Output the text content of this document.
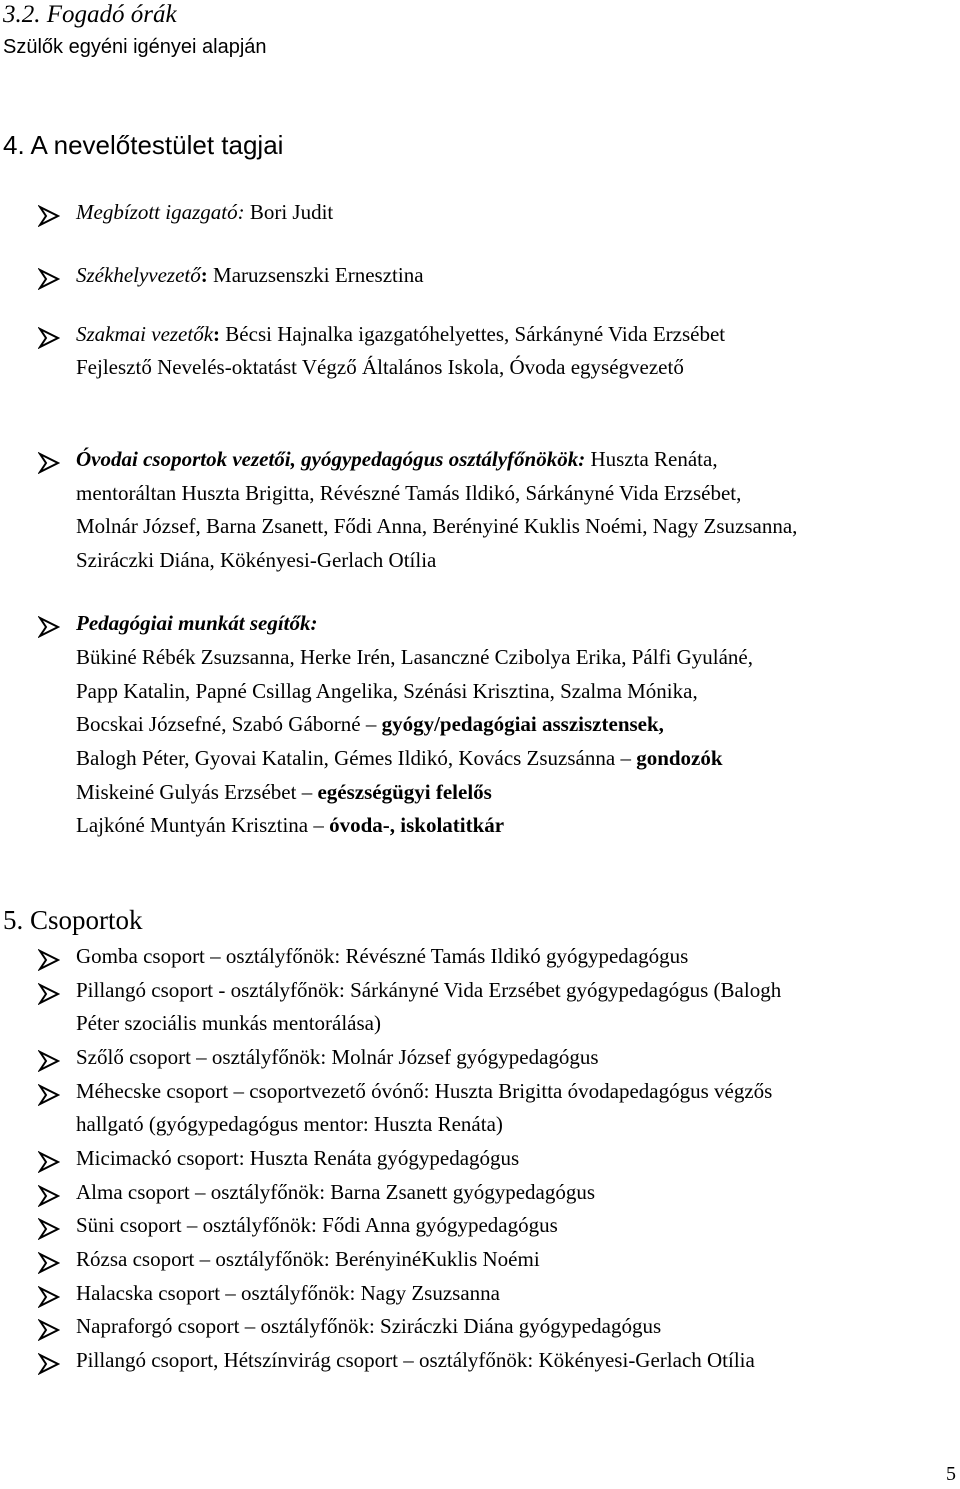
3.2. Fogadó órák
Szülők egyéni igényei alapján
4. A nevelőtestület tagjai
Megbízott igazgató: Bori Judit
Székhelyvezető: Maruzsenszki Ernesztina
Szakmai vezetők: Bécsi Hajnalka igazgatóhelyettes, Sárkányné Vida Erzsébet
Fejlesztő Nevelés-oktatást Végző Általános Iskola, Óvoda egységvezető
Óvodai csoportok vezetői, gyógypedagógus osztályfőnökök: Huszta Renáta,
mentoráltan Huszta Brigitta, Révészné Tamás Ildikó, Sárkányné Vida Erzsébet,
Molnár József, Barna Zsanett, Fődi Anna, Berényiné Kuklis Noémi, Nagy Zsuzsanna,
Sziráczki Diána, Kökényesi-Gerlach Otília
Pedagógiai munkát segítők:
Bükiné Rébék Zsuzsanna, Herke Irén, Lasanczné Czibolya Erika, Pálfi Gyuláné,
Papp Katalin, Papné Csillag Angelika, Szénási Krisztina, Szalma Mónika,
Bocskai Józsefné, Szabó Gáborné – gyógy/pedagógiai asszisztensek,
Balogh Péter, Gyovai Katalin, Gémes Ildikó, Kovács Zsuzsánna – gondozók
Miskeiné Gulyás Erzsébet – egészségügyi felelős
Lajkóné Muntyán Krisztina – óvoda-, iskolatitkár
5. Csoportok
Gomba csoport – osztályfőnök: Révészné Tamás Ildikó gyógypedagógus
Pillangó csoport - osztályfőnök: Sárkányné Vida Erzsébet gyógypedagógus (Balogh
Péter szociális munkás mentorálása)
Szőlő csoport – osztályfőnök: Molnár József gyógypedagógus
Méhecske csoport – csoportvezető óvónő: Huszta Brigitta óvodapedagógus végzős
hallgató (gyógypedagógus mentor: Huszta Renáta)
Micimackó csoport: Huszta Renáta gyógypedagógus
Alma csoport – osztályfőnök: Barna Zsanett gyógypedagógus
Süni csoport – osztályfőnök: Fődi Anna gyógypedagógus
Rózsa csoport – osztályfőnök: BerényinéKuklis Noémi
Halacska csoport – osztályfőnök: Nagy Zsuzsanna
Napraforgó csoport – osztályfőnök: Sziráczki Diána gyógypedagógus
Pillangó csoport, Hétszínvirág csoport – osztályfőnök: Kökényesi-Gerlach Otília
5
